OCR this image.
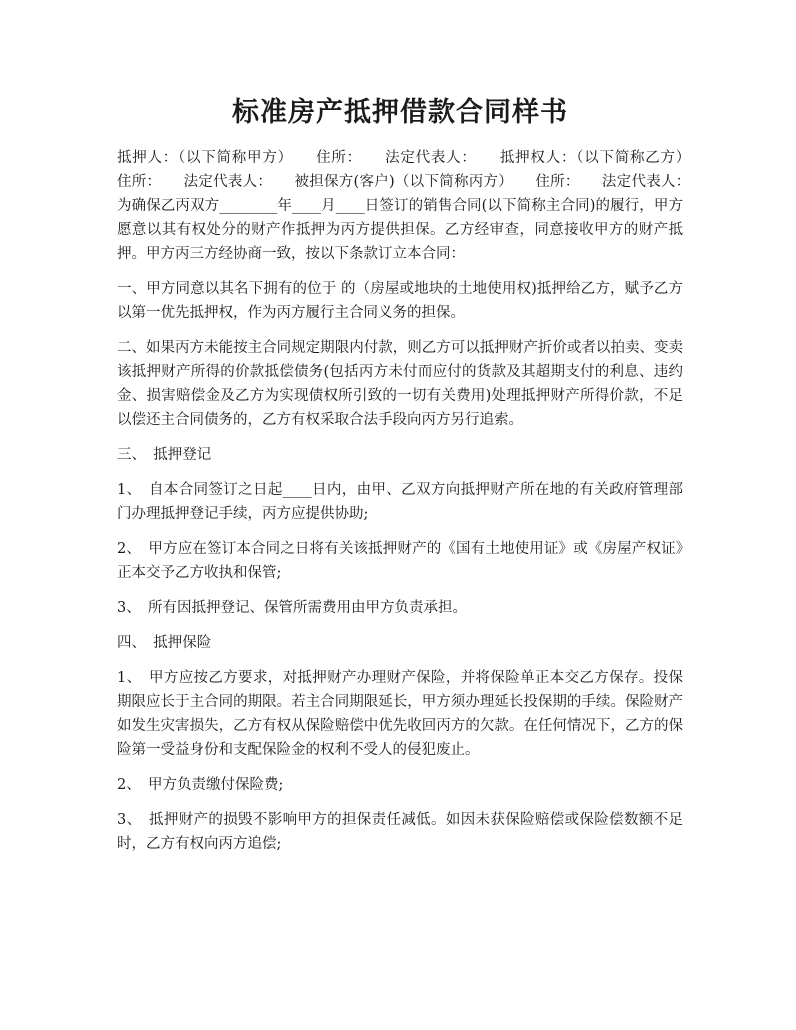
标准房产抵押借款合同样书

抵押人：（以下简称甲方）　　住所：　　法定代表人：　　抵押权人：（以下简称乙方）　　住所：　　法定代表人：　　被担保方(客户)（以下简称丙方）　　住所：　　法定代表人：　　为确保乙丙双方________年____月____日签订的销售合同(以下简称主合同)的履行，甲方愿意以其有权处分的财产作抵押为丙方提供担保。乙方经审查，同意接收甲方的财产抵押。甲方丙三方经协商一致，按以下条款订立本合同：

一、甲方同意以其名下拥有的位于 的（房屋或地块的土地使用权)抵押给乙方，赋予乙方以第一优先抵押权，作为丙方履行主合同义务的担保。

二、如果丙方未能按主合同规定期限内付款，则乙方可以抵押财产折价或者以拍卖、变卖该抵押财产所得的价款抵偿债务(包括丙方未付而应付的货款及其超期支付的利息、违约金、损害赔偿金及乙方为实现债权所引致的一切有关费用)处理抵押财产所得价款，不足以偿还主合同债务的，乙方有权采取合法手段向丙方另行追索。

三、　抵押登记

1、　自本合同签订之日起____日内，由甲、乙双方向抵押财产所在地的有关政府管理部门办理抵押登记手续，丙方应提供协助;

2、　甲方应在签订本合同之日将有关该抵押财产的《国有土地使用证》或《房屋产权证》正本交予乙方收执和保管;

3、　所有因抵押登记、保管所需费用由甲方负责承担。

四、　抵押保险

1、　甲方应按乙方要求，对抵押财产办理财产保险，并将保险单正本交乙方保存。投保期限应长于主合同的期限。若主合同期限延长，甲方须办理延长投保期的手续。保险财产如发生灾害损失，乙方有权从保险赔偿中优先收回丙方的欠款。在任何情况下，乙方的保险第一受益身份和支配保险金的权利不受人的侵犯废止。

2、　甲方负责缴付保险费;

3、　抵押财产的损毁不影响甲方的担保责任减低。如因未获保险赔偿或保险偿数额不足时，乙方有权向丙方追偿;
